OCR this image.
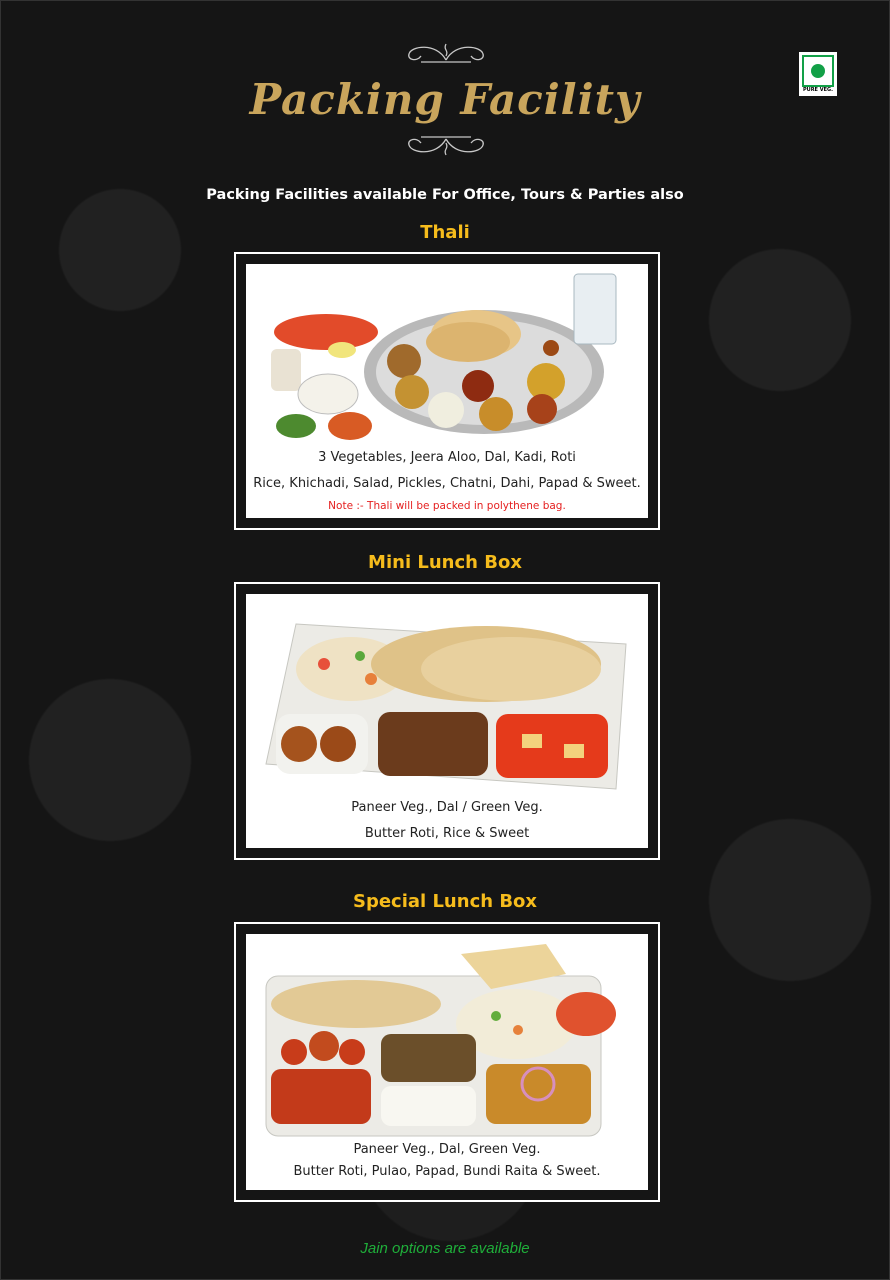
Packing Facility	PURE VEG.
Packing Facilities available For Office, Tours & Parties also
Thali
3 Vegetables, Jeera Aloo, Dal, Kadi, Roti
Rice, Khichadi, Salad, Pickles, Chatni, Dahi, Papad & Sweet.
Note :- Thali will be packed in polythene bag.
Mini Lunch Box
Paneer Veg., Dal / Green Veg.
Butter Roti, Rice & Sweet
Special Lunch Box
Paneer Veg., Dal, Green Veg.
Butter Roti, Pulao, Papad, Bundi Raita & Sweet.
Jain options are available
